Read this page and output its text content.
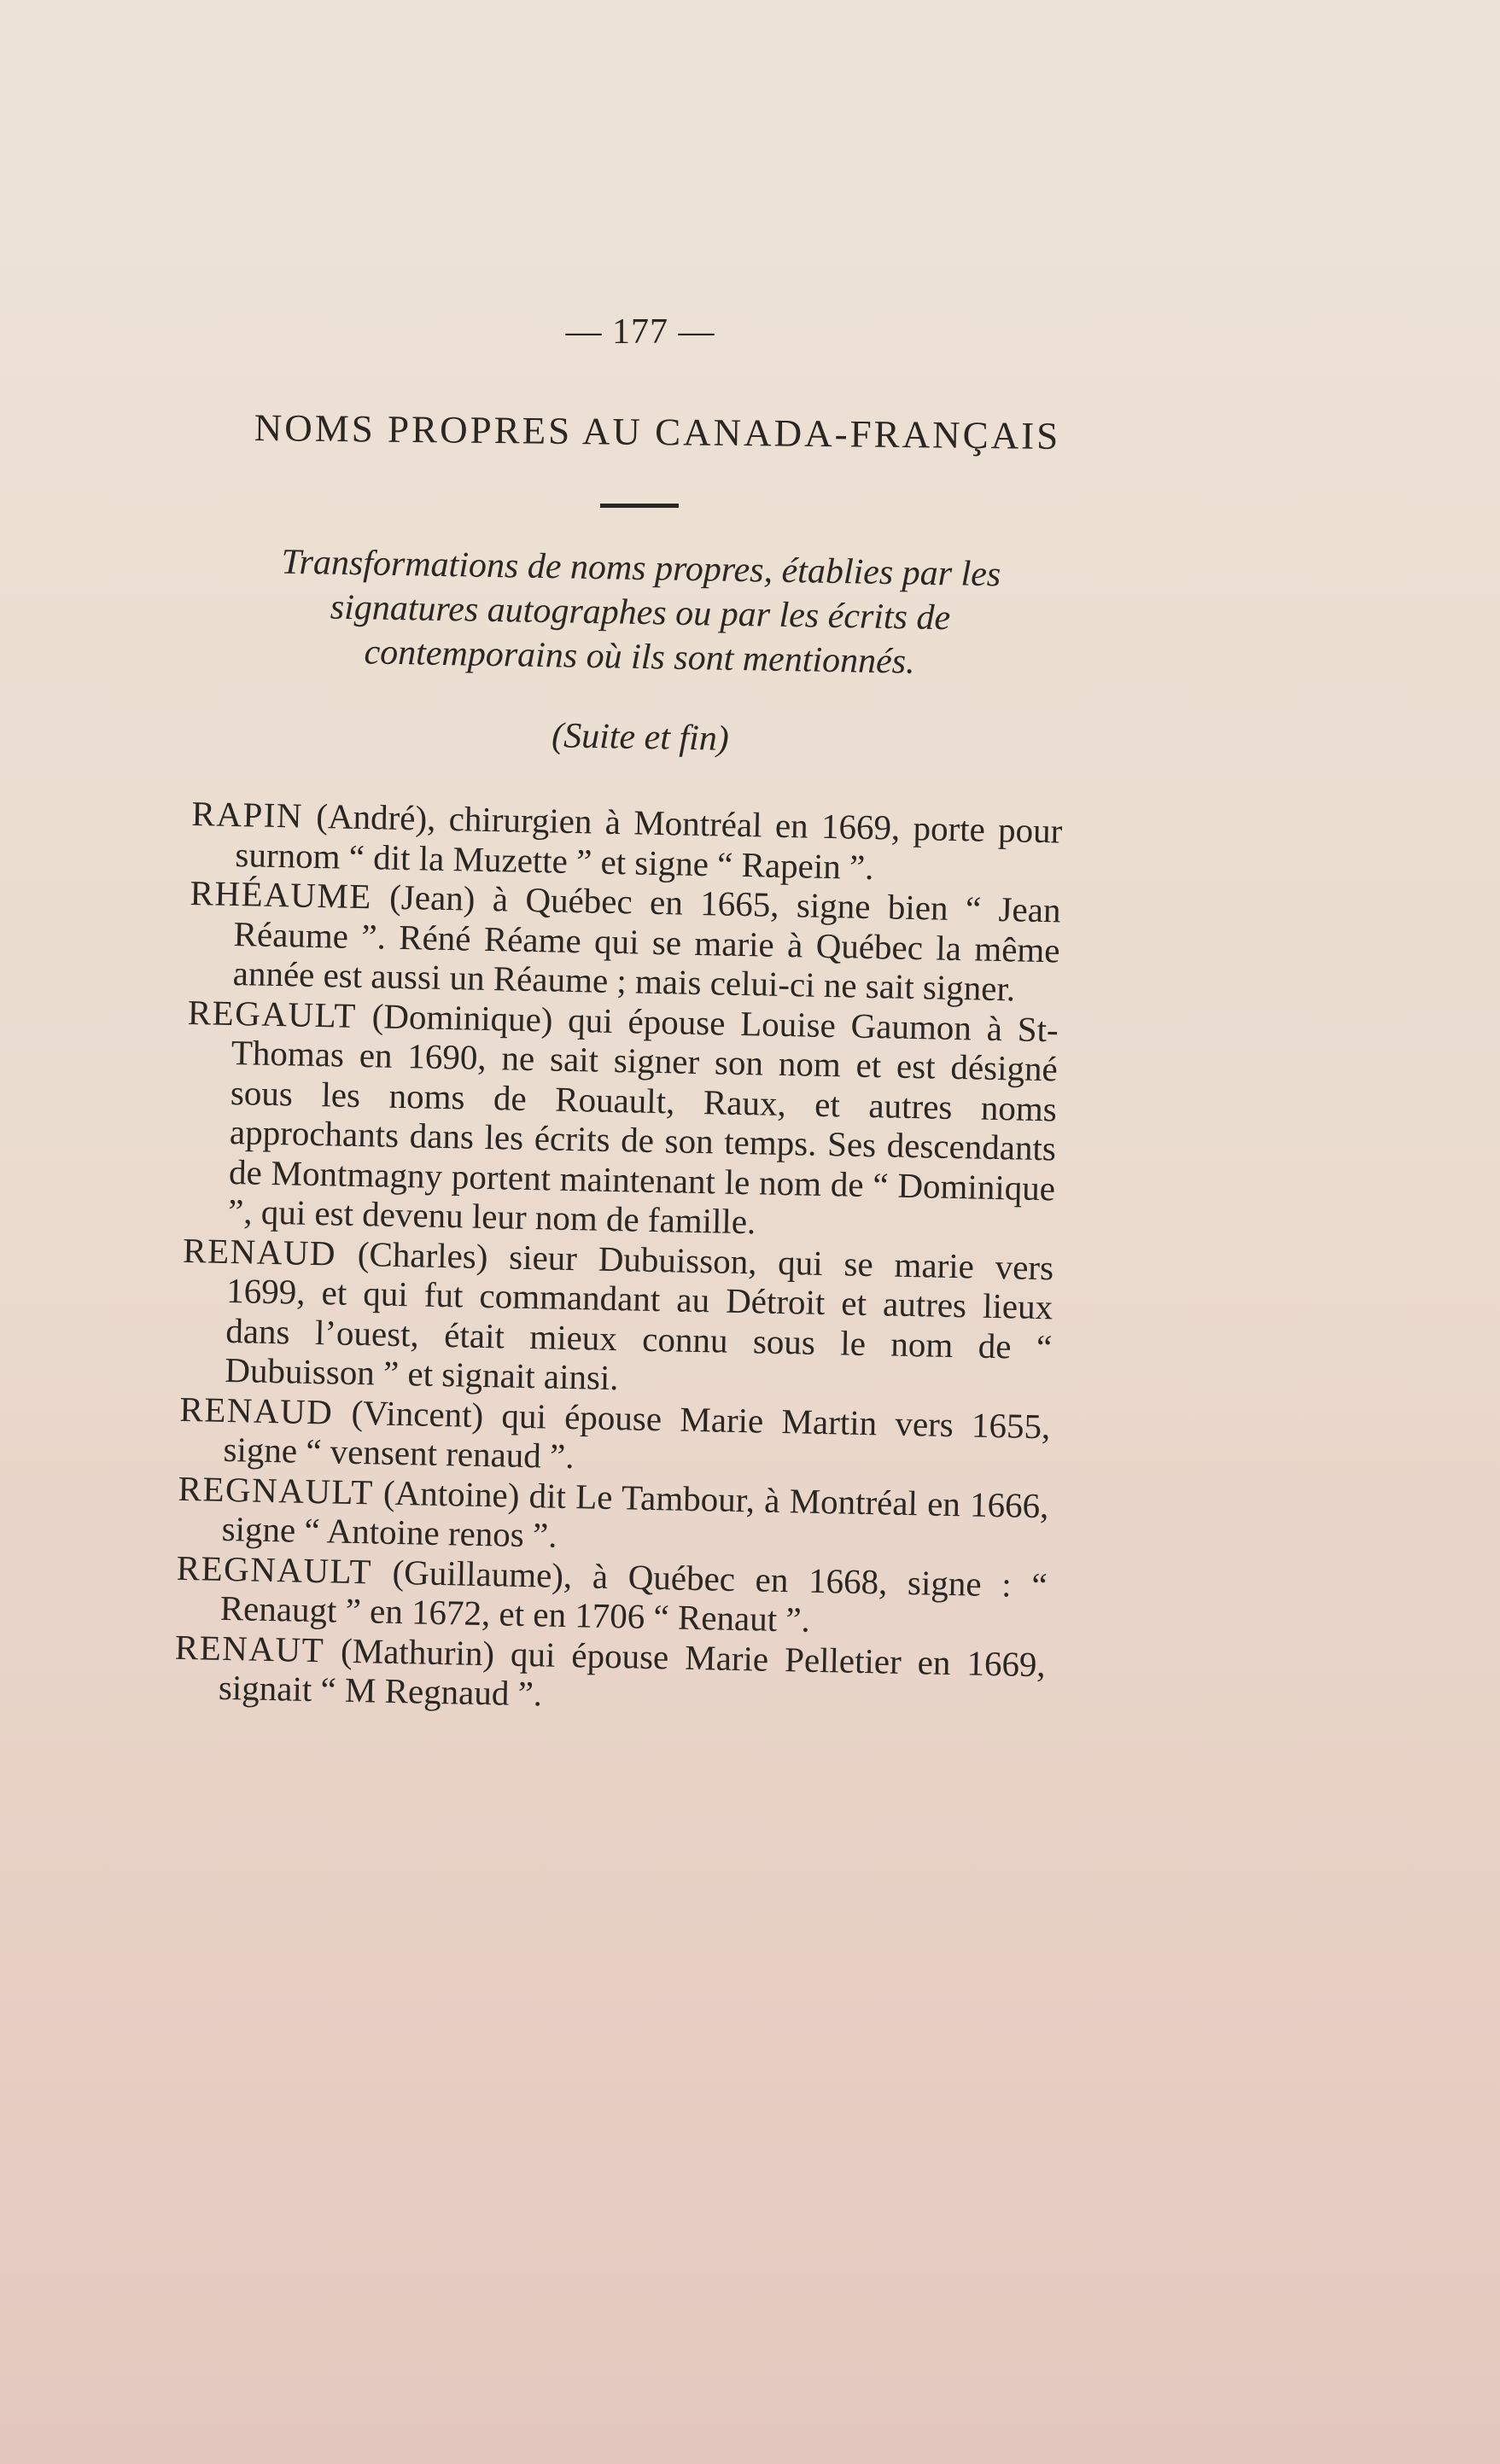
— 177 —
NOMS PROPRES AU CANADA-FRANÇAIS
Transformations de noms propres, établies par les
signatures autographes ou par les écrits de
contemporains où ils sont mentionnés.
(Suite et fin)

RAPIN (André), chirurgien à Montréal en 1669, porte pour surnom “ dit la Muzette ” et signe “ Rapein ”.

RHÉAUME (Jean) à Québec en 1665, signe bien “ Jean Réaume ”. Réné Réame qui se marie à Québec la même année est aussi un Réaume ; mais celui-ci ne sait signer.

REGAULT (Dominique) qui épouse Louise Gaumon à St-Thomas en 1690, ne sait signer son nom et est désigné sous les noms de Rouault, Raux, et autres noms approchants dans les écrits de son temps. Ses descendants de Montmagny portent maintenant le nom de “ Dominique ”, qui est devenu leur nom de famille.

RENAUD (Charles) sieur Dubuisson, qui se marie vers 1699, et qui fut commandant au Détroit et autres lieux dans l’ouest, était mieux connu sous le nom de “ Dubuisson ” et signait ainsi.

RENAUD (Vincent) qui épouse Marie Martin vers 1655, signe “ vensent renaud ”.

REGNAULT (Antoine) dit Le Tambour, à Montréal en 1666, signe “ Antoine renos ”.

REGNAULT (Guillaume), à Québec en 1668, signe : “ Renaugt ” en 1672, et en 1706 “ Renaut ”.

RENAUT (Mathurin) qui épouse Marie Pelletier en 1669, signait “ M Regnaud ”.
